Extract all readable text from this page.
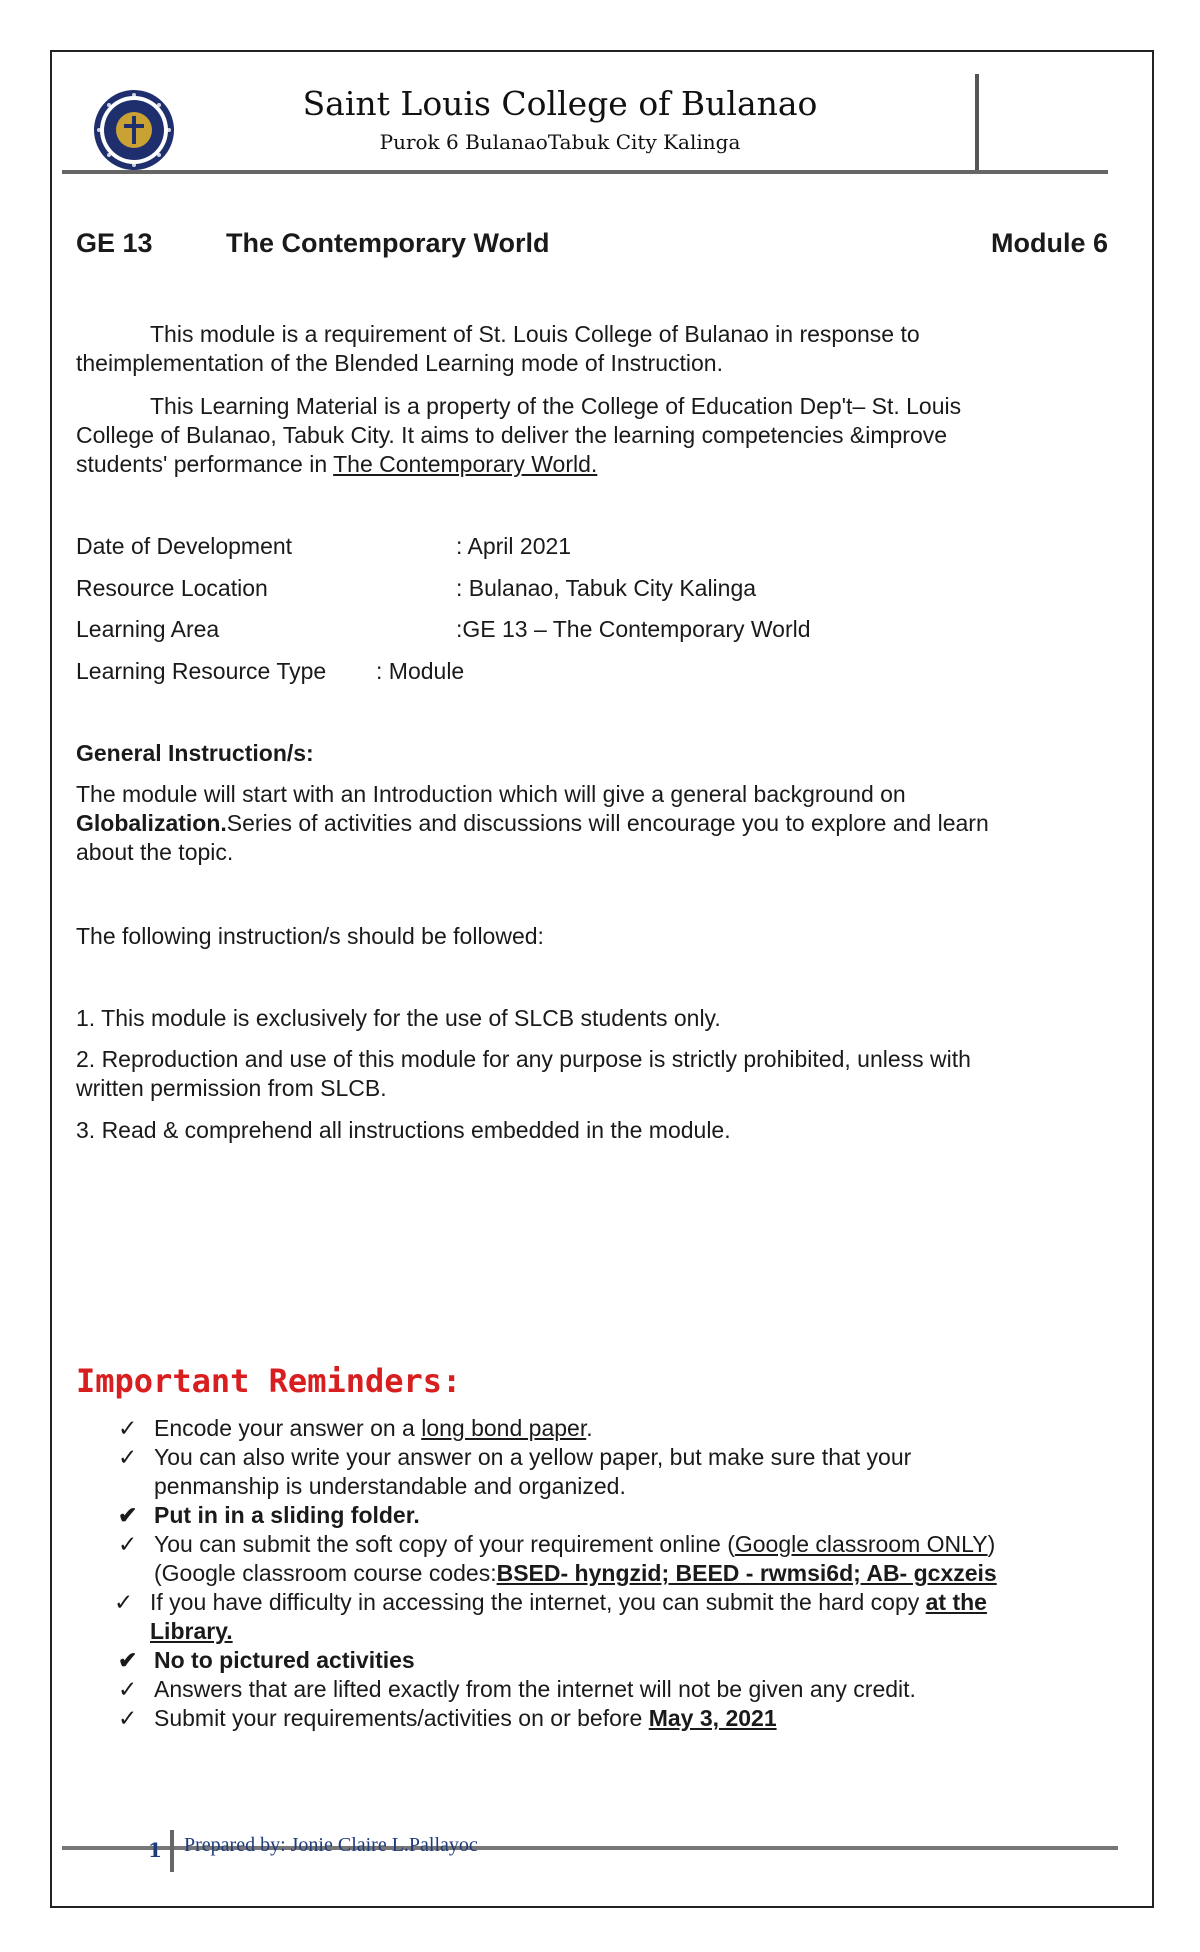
Saint Louis College of Bulanao
Purok 6 BulanaoTabuk City Kalinga
GE 13	The Contemporary World	Module 6
This module is a requirement of St. Louis College of Bulanao in response to
theimplementation of the Blended Learning mode of Instruction.
This Learning Material is a property of the College of Education Dep't– St. Louis
College of Bulanao, Tabuk City. It aims to deliver the learning competencies &improve
students' performance in The Contemporary World.
Date of Development	: April 2021
Resource Location	: Bulanao, Tabuk City Kalinga
Learning Area	:GE 13 – The Contemporary World
Learning Resource Type : Module
General Instruction/s:
The module will start with an Introduction which will give a general background on
Globalization.Series of activities and discussions will encourage you to explore and learn
about the topic.
The following instruction/s should be followed:
1. This module is exclusively for the use of SLCB students only.
2. Reproduction and use of this module for any purpose is strictly prohibited, unless with
written permission from SLCB.
3. Read & comprehend all instructions embedded in the module.
Important Reminders:
✓ Encode your answer on a long bond paper.
✓ You can also write your answer on a yellow paper, but make sure that your
penmanship is understandable and organized.
✔ Put in in a sliding folder.
✓ You can submit the soft copy of your requirement online (Google classroom ONLY)
(Google classroom course codes:BSED- hyngzid; BEED - rwmsi6d; AB- gcxzeis
✓ If you have difficulty in accessing the internet, you can submit the hard copy at the
Library.
✔ No to pictured activities
✓ Answers that are lifted exactly from the internet will not be given any credit.
✓ Submit your requirements/activities on or before May 3, 2021
1 Prepared by: Jonie Claire L.Pallayoc
